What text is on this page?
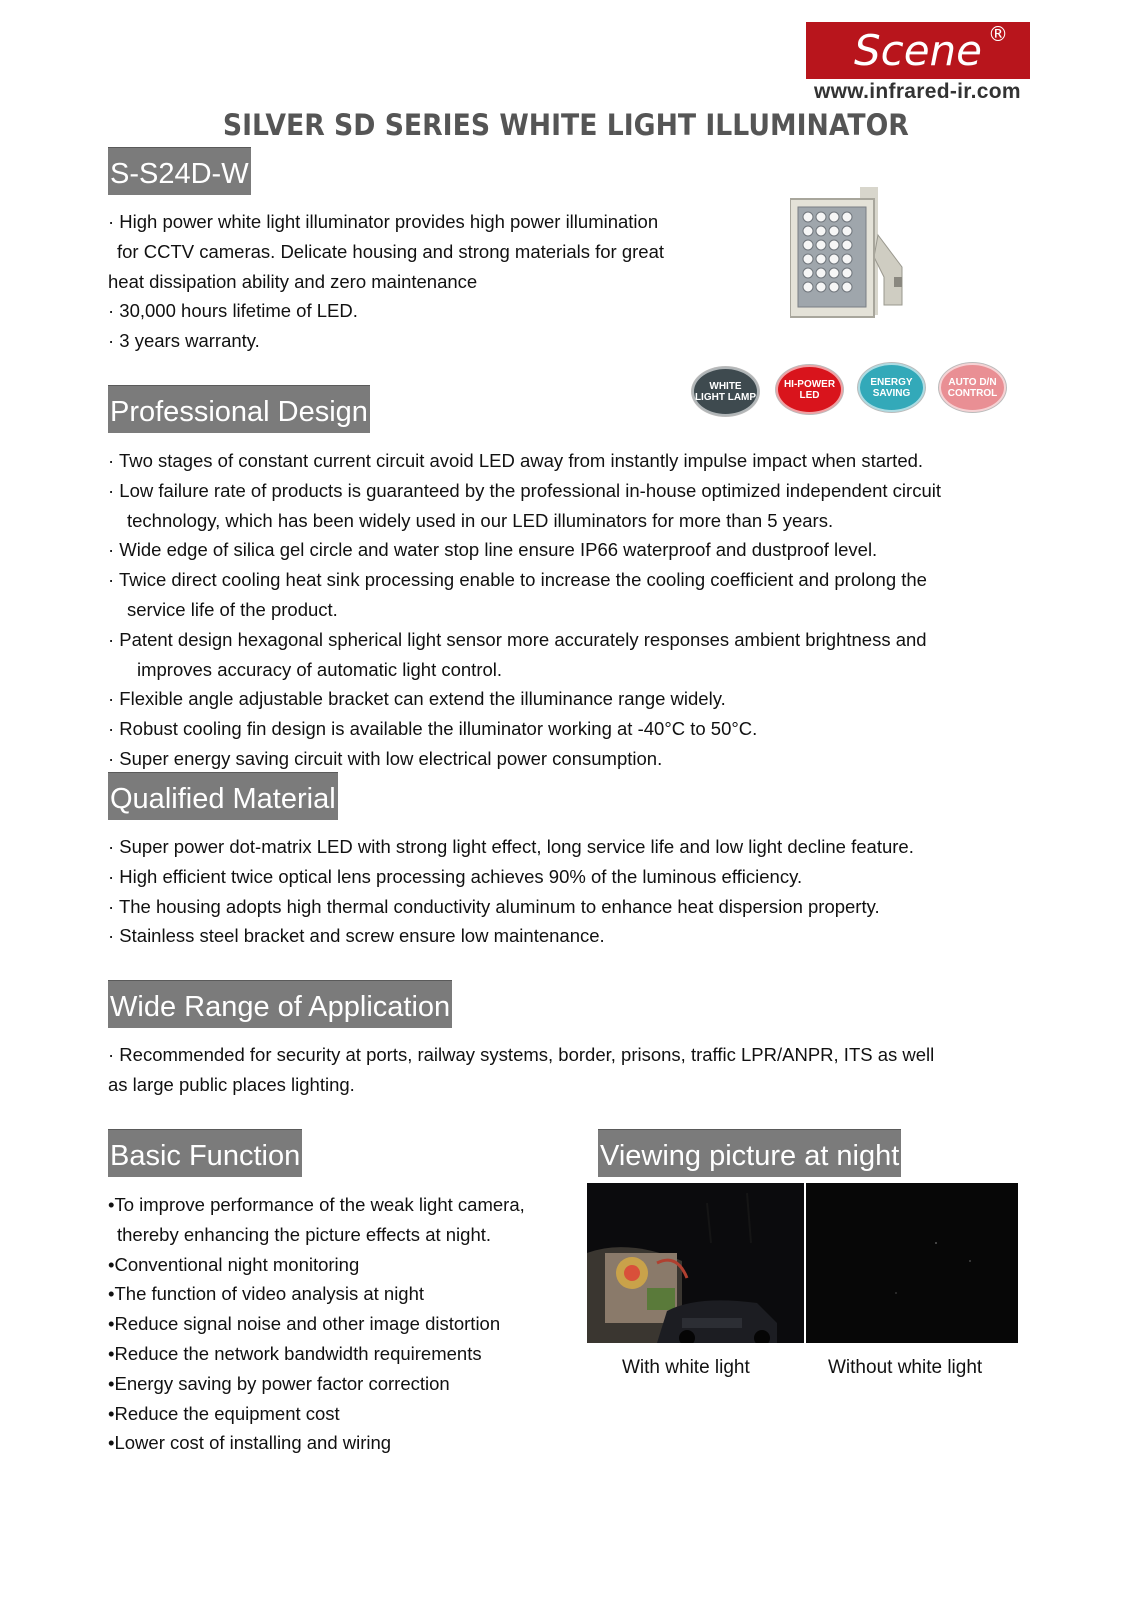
Scene ®
www.infrared-ir.com
SILVER SD SERIES WHITE LIGHT ILLUMINATOR
S-S24D-W
· High power white light illuminator provides high power illumination
for CCTV cameras. Delicate housing and strong materials for great
heat dissipation ability and zero maintenance
· 30,000 hours lifetime of LED.
· 3 years warranty.
WHITE
LIGHT LAMP
HI-POWER
LED
ENERGY
SAVING
AUTO D/N
CONTROL
Professional Design
· Two stages of constant current circuit avoid LED away from instantly impulse impact when started.
· Low failure rate of products is guaranteed by the professional in-house optimized independent circuit
technology, which has been widely used in our LED illuminators for more than 5 years.
· Wide edge of silica gel circle and water stop line ensure IP66 waterproof and dustproof level.
· Twice direct cooling heat sink processing enable to increase the cooling coefficient and prolong the
service life of the product.
· Patent design hexagonal spherical light sensor more accurately responses ambient brightness and
improves accuracy of automatic light control.
· Flexible angle adjustable bracket can extend the illuminance range widely.
· Robust cooling fin design is available the illuminator working at -40°C to 50°C.
· Super energy saving circuit with low electrical power consumption.
Qualified Material
· Super power dot-matrix LED with strong light effect, long service life and low light decline feature.
· High efficient twice optical lens processing achieves 90% of the luminous efficiency.
· The housing adopts high thermal conductivity aluminum to enhance heat dispersion property.
· Stainless steel bracket and screw ensure low maintenance.
Wide Range of Application
· Recommended for security at ports, railway systems, border, prisons, traffic LPR/ANPR, ITS as well
as large public places lighting.
Basic Function
•To improve performance of the weak light camera,
thereby enhancing the picture effects at night.
•Conventional night monitoring
•The function of video analysis at night
•Reduce signal noise and other image distortion
•Reduce the network bandwidth requirements
•Energy saving by power factor correction
•Reduce the equipment cost
•Lower cost of installing and wiring
Viewing picture at night
With white light	Without white light
